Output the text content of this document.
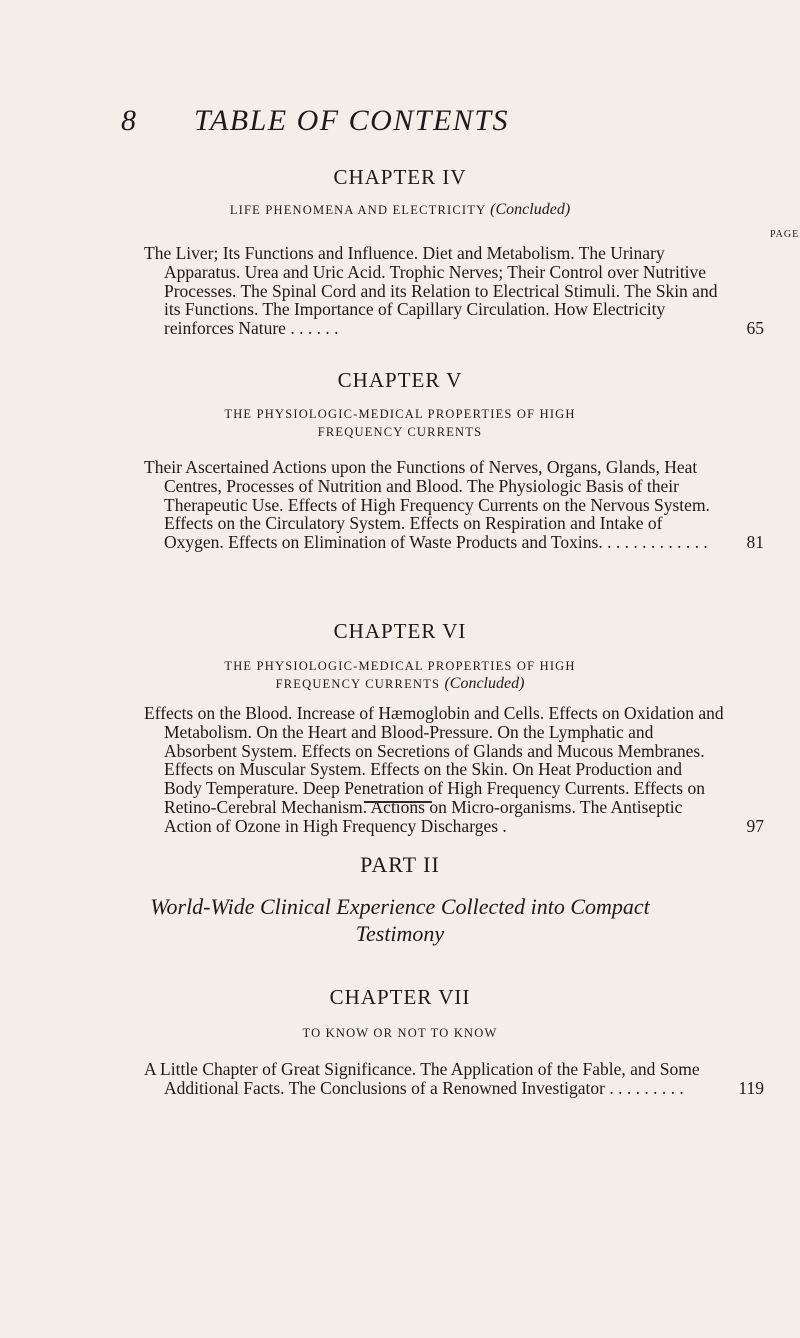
8 TABLE OF CONTENTS
CHAPTER IV
LIFE PHENOMENA AND ELECTRICITY (Concluded)
PAGE
The Liver; Its Functions and Influence. Diet and Metabolism. The Urinary Apparatus. Urea and Uric Acid. Trophic Nerves; Their Control over Nutritive Processes. The Spinal Cord and its Relation to Electrical Stimuli. The Skin and its Functions. The Importance of Capillary Circulation. How Electricity reinforces Nature . . . . . .	65
CHAPTER V
THE PHYSIOLOGIC-MEDICAL PROPERTIES OF HIGH FREQUENCY CURRENTS
Their Ascertained Actions upon the Functions of Nerves, Organs, Glands, Heat Centres, Processes of Nutrition and Blood. The Physiologic Basis of their Therapeutic Use. Effects of High Frequency Currents on the Nervous System. Effects on the Circulatory System. Effects on Respiration and Intake of Oxygen. Effects on Elimination of Waste Products and Toxins. . . . . . . . . . . . . 81
CHAPTER VI
THE PHYSIOLOGIC-MEDICAL PROPERTIES OF HIGH FREQUENCY CURRENTS (Concluded)
Effects on the Blood. Increase of Hæmoglobin and Cells. Effects on Oxidation and Metabolism. On the Heart and Blood-Pressure. On the Lymphatic and Absorbent System. Effects on Secretions of Glands and Mucous Membranes. Effects on Muscular System. Effects on the Skin. On Heat Production and Body Temperature. Deep Penetration of High Frequency Currents. Effects on Retino-Cerebral Mechanism. Actions on Micro-organisms. The Antiseptic Action of Ozone in High Frequency Discharges .	97
PART II
World-Wide Clinical Experience Collected into Compact
Testimony
CHAPTER VII
TO KNOW OR NOT TO KNOW
A Little Chapter of Great Significance. The Application of the Fable, and Some Additional Facts. The Conclusions of a Renowned Investigator . . . . . . . . .	119
